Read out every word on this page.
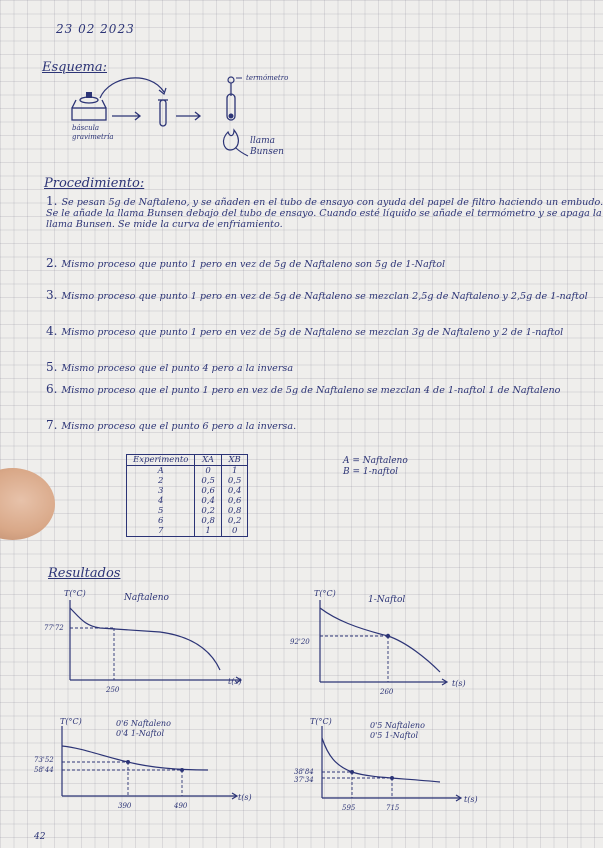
23 02 2023
Esquema:
termómetro
báscula
gravimetría	llama
Bunsen
Procedimiento:
1. Se pesan 5g de Naftaleno, y se añaden en el tubo de ensayo con ayuda del papel de filtro haciendo un embudo. Se le añade la llama Bunsen debajo del tubo de ensayo. Cuando esté líquido se añade el termómetro y se apaga la llama Bunsen. Se mide la curva de enfriamiento.
2. Mismo proceso que punto 1 pero en vez de 5g de Naftaleno son 5g de 1-Naftol
3. Mismo proceso que punto 1 pero en vez de 5g de Naftaleno se mezclan 2,5g de Naftaleno y 2,5g de 1-naftol
4. Mismo proceso que punto 1 pero en vez de 5g de Naftaleno se mezclan 3g de Naftaleno y 2 de 1-naftol
5. Mismo proceso que el punto 4 pero a la inversa
6. Mismo proceso que el punto 1 pero en vez de 5g de Naftaleno se mezclan 4 de 1-naftol 1 de Naftaleno
7. Mismo proceso que el punto 6 pero a la inversa.
Experimento	XA	XB
A	0	1
2	0,5	0,5
3	0,6	0,4
4	0,4	0,6
5	0,2	0,8
6	0,8	0,2
7	1	0
A = Naftaleno
B = 1-naftol
Resultados
T(°C)	Naftaleno
77'72
250
t(s)
T(°C)
1-Naftol
92'20
260
t(s)
T(°C)	0'6 Naftaleno
0'4 1-Naftol
73'52
58'44
390	490
t(s)
T(°C)	0'5 Naftaleno
0'5 1-Naftol
38'84
37'34
595	715
t(s)
42
